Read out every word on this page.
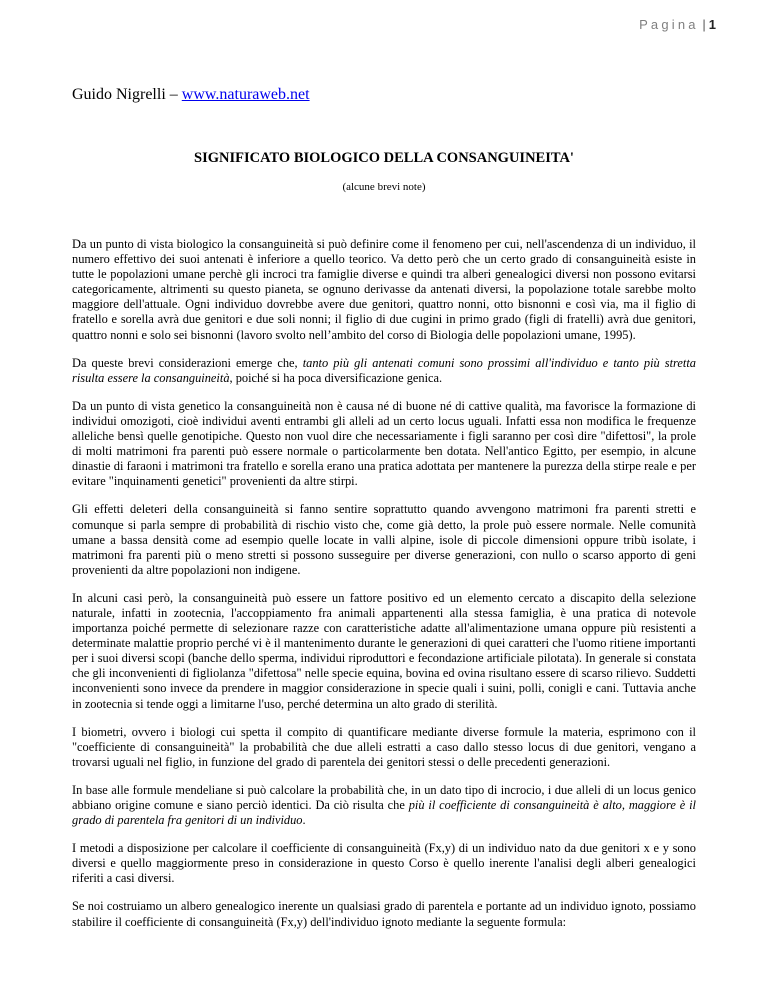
Pagina | 1
Guido Nigrelli – www.naturaweb.net
SIGNIFICATO BIOLOGICO DELLA CONSANGUINEITA'
(alcune brevi note)

Da un punto di vista biologico la consanguineità si può definire come il fenomeno per cui, nell'ascendenza di un individuo, il numero effettivo dei suoi antenati è inferiore a quello teorico. Va detto però che un certo grado di consanguineità esiste in tutte le popolazioni umane perchè gli incroci tra famiglie diverse e quindi tra alberi genealogici diversi non possono evitarsi categoricamente, altrimenti su questo pianeta, se ognuno derivasse da antenati diversi, la popolazione totale sarebbe molto maggiore dell'attuale. Ogni individuo dovrebbe avere due genitori, quattro nonni, otto bisnonni e così via, ma il figlio di fratello e sorella avrà due genitori e due soli nonni; il figlio di due cugini in primo grado (figli di fratelli) avrà due genitori, quattro nonni e solo sei bisnonni (lavoro svolto nell’ambito del corso di Biologia delle popolazioni umane, 1995).

Da queste brevi considerazioni emerge che, tanto più gli antenati comuni sono prossimi all'individuo e tanto più stretta risulta essere la consanguineità, poiché si ha poca diversificazione genica.

Da un punto di vista genetico la consanguineità non è causa né di buone né di cattive qualità, ma favorisce la formazione di individui omozigoti, cioè individui aventi entrambi gli alleli ad un certo locus uguali. Infatti essa non modifica le frequenze alleliche bensì quelle genotipiche. Questo non vuol dire che necessariamente i figli saranno per così dire "difettosi", la prole di molti matrimoni fra parenti può essere normale o particolarmente ben dotata. Nell'antico Egitto, per esempio, in alcune dinastie di faraoni i matrimoni tra fratello e sorella erano una pratica adottata per mantenere la purezza della stirpe reale e per evitare "inquinamenti genetici" provenienti da altre stirpi.

Gli effetti deleteri della consanguineità si fanno sentire soprattutto quando avvengono matrimoni fra parenti stretti e comunque si parla sempre di probabilità di rischio visto che, come già detto, la prole può essere normale. Nelle comunità umane a bassa densità come ad esempio quelle locate in valli alpine, isole di piccole dimensioni oppure tribù isolate, i matrimoni fra parenti più o meno stretti si possono susseguire per diverse generazioni, con nullo o scarso apporto di geni provenienti da altre popolazioni non indigene.

In alcuni casi però, la consanguineità può essere un fattore positivo ed un elemento cercato a discapito della selezione naturale, infatti in zootecnia, l'accoppiamento fra animali appartenenti alla stessa famiglia, è una pratica di notevole importanza poiché permette di selezionare razze con caratteristiche adatte all'alimentazione umana oppure più resistenti a determinate malattie proprio perché vi è il mantenimento durante le generazioni di quei caratteri che l'uomo ritiene importanti per i suoi diversi scopi (banche dello sperma, individui riproduttori e fecondazione artificiale pilotata). In generale si constata che gli inconvenienti di figliolanza "difettosa" nelle specie equina, bovina ed ovina risultano essere di scarso rilievo. Suddetti inconvenienti sono invece da prendere in maggior considerazione in specie quali i suini, polli, conigli e cani. Tuttavia anche in zootecnia si tende oggi a limitarne l'uso, perché determina un alto grado di sterilità.

I biometri, ovvero i biologi cui spetta il compito di quantificare mediante diverse formule la materia, esprimono con il "coefficiente di consanguineità" la probabilità che due alleli estratti a caso dallo stesso locus di due genitori, vengano a trovarsi uguali nel figlio, in funzione del grado di parentela dei genitori stessi o delle precedenti generazioni.

In base alle formule mendeliane si può calcolare la probabilità che, in un dato tipo di incrocio, i due alleli di un locus genico abbiano origine comune e siano perciò identici. Da ciò risulta che più il coefficiente di consanguineità è alto, maggiore è il grado di parentela fra genitori di un individuo.

I metodi a disposizione per calcolare il coefficiente di consanguineità (Fx,y) di un individuo nato da due genitori x e y sono diversi e quello maggiormente preso in considerazione in questo Corso è quello inerente l'analisi degli alberi genealogici riferiti a casi diversi.

Se noi costruiamo un albero genealogico inerente un qualsiasi grado di parentela e portante ad un individuo ignoto, possiamo stabilire il coefficiente di consanguineità (Fx,y) dell'individuo ignoto mediante la seguente formula:
